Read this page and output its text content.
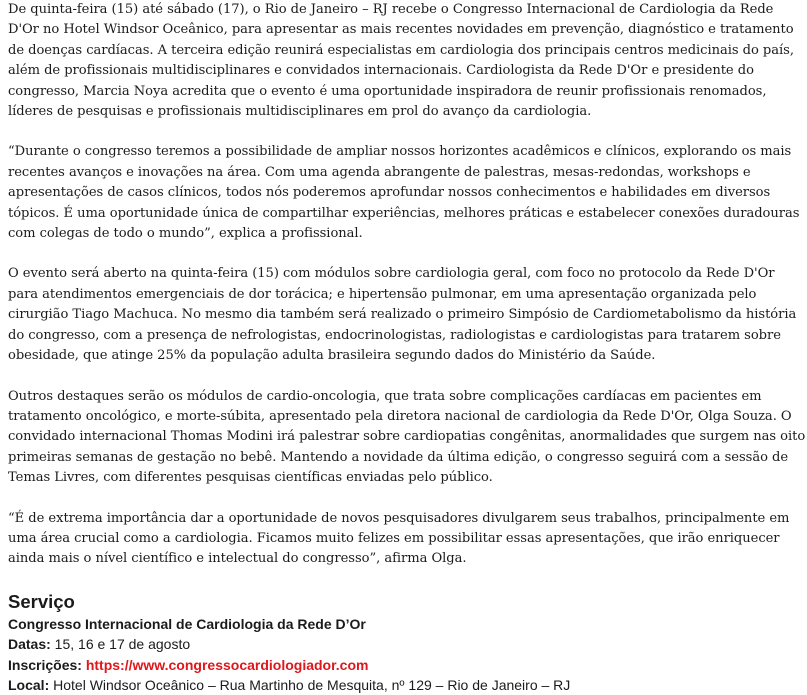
De quinta-feira (15) até sábado (17), o Rio de Janeiro – RJ recebe o Congresso Internacional de Cardiologia da Rede D'Or no Hotel Windsor Oceânico, para apresentar as mais recentes novidades em prevenção, diagnóstico e tratamento de doenças cardíacas. A terceira edição reunirá especialistas em cardiologia dos principais centros medicinais do país, além de profissionais multidisciplinares e convidados internacionais. Cardiologista da Rede D'Or e presidente do congresso, Marcia Noya acredita que o evento é uma oportunidade inspiradora de reunir profissionais renomados, líderes de pesquisas e profissionais multidisciplinares em prol do avanço da cardiologia.

“Durante o congresso teremos a possibilidade de ampliar nossos horizontes acadêmicos e clínicos, explorando os mais recentes avanços e inovações na área. Com uma agenda abrangente de palestras, mesas-redondas, workshops e apresentações de casos clínicos, todos nós poderemos aprofundar nossos conhecimentos e habilidades em diversos tópicos. É uma oportunidade única de compartilhar experiências, melhores práticas e estabelecer conexões duradouras com colegas de todo o mundo”, explica a profissional.

O evento será aberto na quinta-feira (15) com módulos sobre cardiologia geral, com foco no protocolo da Rede D'Or para atendimentos emergenciais de dor torácica; e hipertensão pulmonar, em uma apresentação organizada pelo cirurgião Tiago Machuca. No mesmo dia também será realizado o primeiro Simpósio de Cardiometabolismo da história do congresso, com a presença de nefrologistas, endocrinologistas, radiologistas e cardiologistas para tratarem sobre obesidade, que atinge 25% da população adulta brasileira segundo dados do Ministério da Saúde.

Outros destaques serão os módulos de cardio-oncologia, que trata sobre complicações cardíacas em pacientes em tratamento oncológico, e morte-súbita, apresentado pela diretora nacional de cardiologia da Rede D'Or, Olga Souza. O convidado internacional Thomas Modini irá palestrar sobre cardiopatias congênitas, anormalidades que surgem nas oito primeiras semanas de gestação no bebê. Mantendo a novidade da última edição, o congresso seguirá com a sessão de Temas Livres, com diferentes pesquisas científicas enviadas pelo público.

“É de extrema importância dar a oportunidade de novos pesquisadores divulgarem seus trabalhos, principalmente em uma área crucial como a cardiologia. Ficamos muito felizes em possibilitar essas apresentações, que irão enriquecer ainda mais o nível científico e intelectual do congresso”, afirma Olga.

Serviço
Congresso Internacional de Cardiologia da Rede D’Or
Datas: 15, 16 e 17 de agosto
Inscrições: https://www.congressocardiologiador.com
Local: Hotel Windsor Oceânico – Rua Martinho de Mesquita, nº 129 – Rio de Janeiro – RJ
